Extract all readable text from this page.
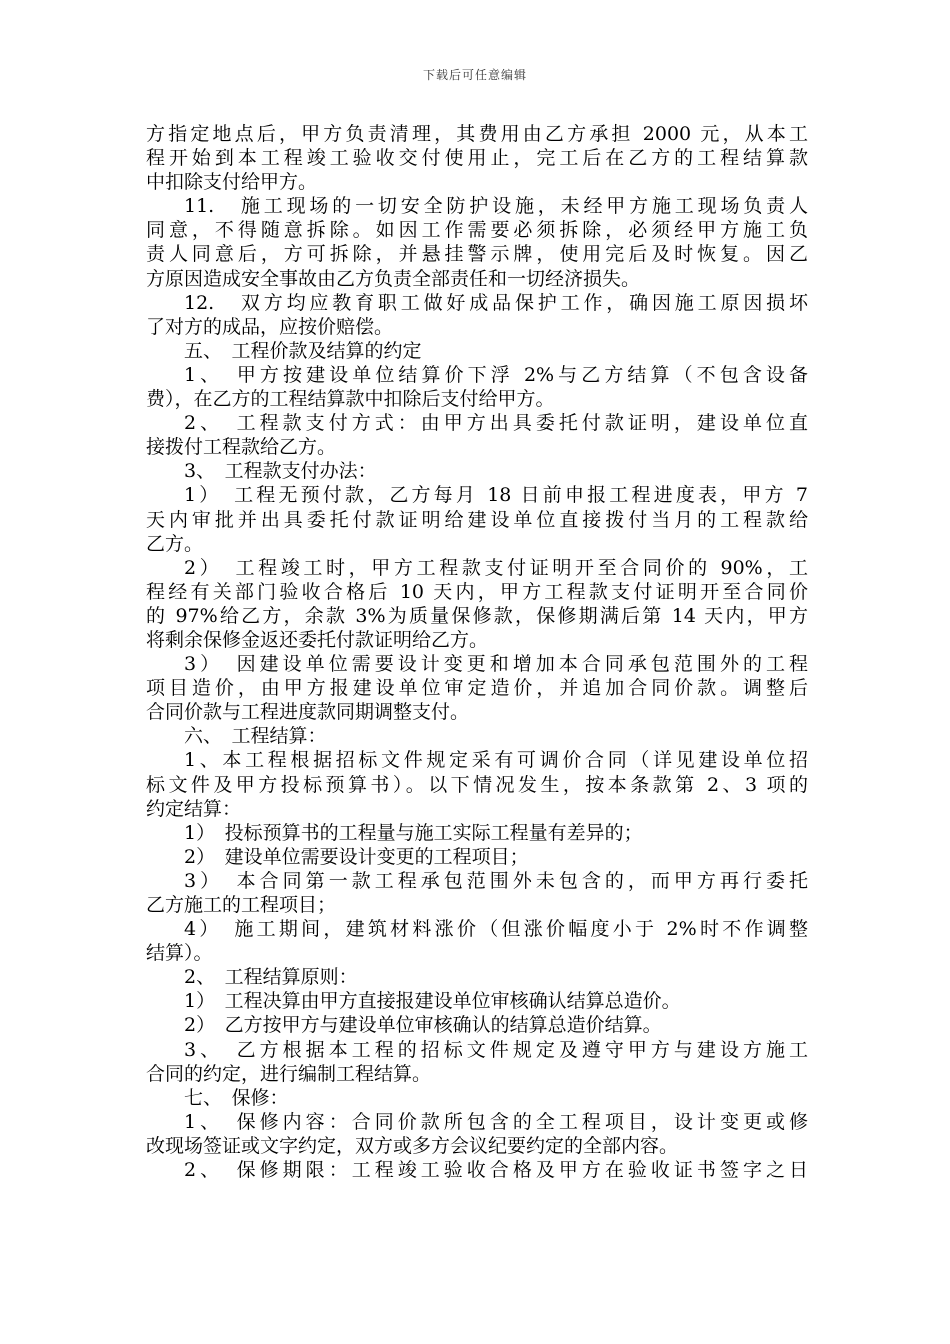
下载后可任意编辑
方指定地点后，甲方负责清理，其费用由乙方承担 2000 元，从本工
程开始到本工程竣工验收交付使用止，完工后在乙方的工程结算款
中扣除支付给甲方。
11.　施工现场的一切安全防护设施，未经甲方施工现场负责人
同意，不得随意拆除。如因工作需要必须拆除，必须经甲方施工负
责人同意后，方可拆除，并悬挂警示牌，使用完后及时恢复。因乙
方原因造成安全事故由乙方负责全部责任和一切经济损失。
12.　双方均应教育职工做好成品保护工作，确因施工原因损坏
了对方的成品，应按价赔偿。
五、　工程价款及结算的约定
1、　甲方按建设单位结算价下浮 2%与乙方结算（不包含设备
费），在乙方的工程结算款中扣除后支付给甲方。
2、　工程款支付方式：由甲方出具委托付款证明，建设单位直
接拨付工程款给乙方。
3、　工程款支付办法：
1）　工程无预付款，乙方每月 18 日前申报工程进度表，甲方 7
天内审批并出具委托付款证明给建设单位直接拨付当月的工程款给
乙方。
2）　工程竣工时，甲方工程款支付证明开至合同价的 90%，工
程经有关部门验收合格后 10 天内，甲方工程款支付证明开至合同价
的 97%给乙方，余款 3%为质量保修款，保修期满后第 14 天内，甲方
将剩余保修金返还委托付款证明给乙方。
3）　因建设单位需要设计变更和增加本合同承包范围外的工程
项目造价，由甲方报建设单位审定造价，并追加合同价款。调整后
合同价款与工程进度款同期调整支付。
六、　工程结算：
1、本工程根据招标文件规定采有可调价合同（详见建设单位招
标文件及甲方投标预算书）。以下情况发生，按本条款第 2、3 项的
约定结算：
1）　投标预算书的工程量与施工实际工程量有差异的；
2）　建设单位需要设计变更的工程项目；
3）　本合同第一款工程承包范围外未包含的，而甲方再行委托
乙方施工的工程项目；
4）　施工期间，建筑材料涨价（但涨价幅度小于 2%时不作调整
结算）。
2、　工程结算原则：
1）　工程决算由甲方直接报建设单位审核确认结算总造价。
2）　乙方按甲方与建设单位审核确认的结算总造价结算。
3、　乙方根据本工程的招标文件规定及遵守甲方与建设方施工
合同的约定，进行编制工程结算。
七、　保修：
1、　保修内容：合同价款所包含的全工程项目，设计变更或修
改现场签证或文字约定，双方或多方会议纪要约定的全部内容。
2、　保修期限：工程竣工验收合格及甲方在验收证书签字之日
